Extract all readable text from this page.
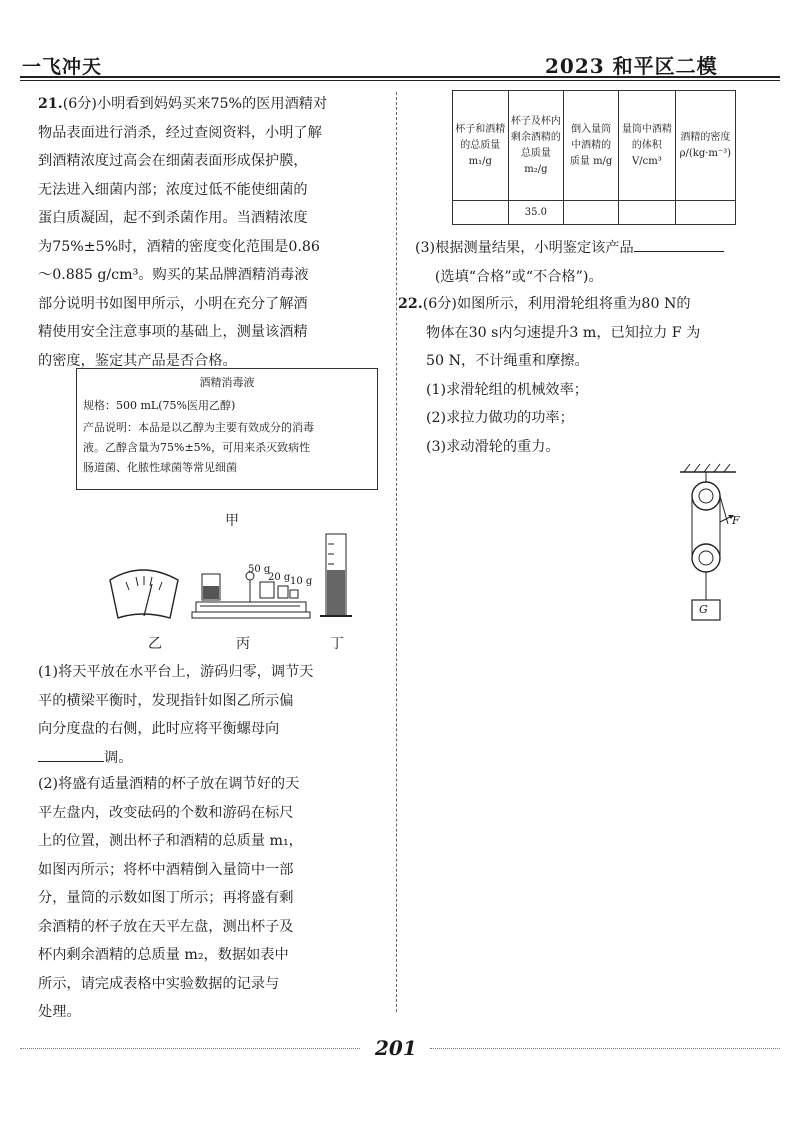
一飞冲天	2023 和平区二模
21.(6分)小明看到妈妈买来75%的医用酒精对
物品表面进行消杀，经过查阅资料，小明了解
到酒精浓度过高会在细菌表面形成保护膜，
无法进入细菌内部；浓度过低不能使细菌的
蛋白质凝固，起不到杀菌作用。当酒精浓度
为75%±5%时，酒精的密度变化范围是0.86
～0.885 g/cm³。购买的某品牌酒精消毒液
部分说明书如图甲所示，小明在充分了解酒
精使用安全注意事项的基础上，测量该酒精
的密度，鉴定其产品是否合格。
酒精消毒液
规格：500 mL(75%医用乙醇)
产品说明：本品是以乙醇为主要有效成分的消毒
液。乙醇含量为75%±5%，可用来杀灭致病性
肠道菌、化脓性球菌等常见细菌
甲
50 g
20 g 10 g
乙	丙	丁
(1)将天平放在水平台上，游码归零，调节天
平的横梁平衡时，发现指针如图乙所示偏
向分度盘的右侧，此时应将平衡螺母向
调。
(2)将盛有适量酒精的杯子放在调节好的天
平左盘内，改变砝码的个数和游码在标尺
上的位置，测出杯子和酒精的总质量 m₁，
如图丙所示；将杯中酒精倒入量筒中一部
分，量筒的示数如图丁所示；再将盛有剩
余酒精的杯子放在天平左盘，测出杯子及
杯内剩余酒精的总质量 m₂，数据如表中
所示，请完成表格中实验数据的记录与
处理。
杯子和酒精的总质量 m₁/g	杯子及杯内剩余酒精的总质量 m₂/g	倒入量筒中酒精的质量 m/g	量筒中酒精的体积 V/cm³	酒精的密度 ρ/(kg·m⁻³)
	35.0			
(3)根据测量结果，小明鉴定该产品
(选填“合格”或“不合格”)。
22.(6分)如图所示，利用滑轮组将重为80 N的
物体在30 s内匀速提升3 m，已知拉力 F 为
50 N，不计绳重和摩擦。
(1)求滑轮组的机械效率；
(2)求拉力做功的功率；
(3)求动滑轮的重力。
F
G
201
